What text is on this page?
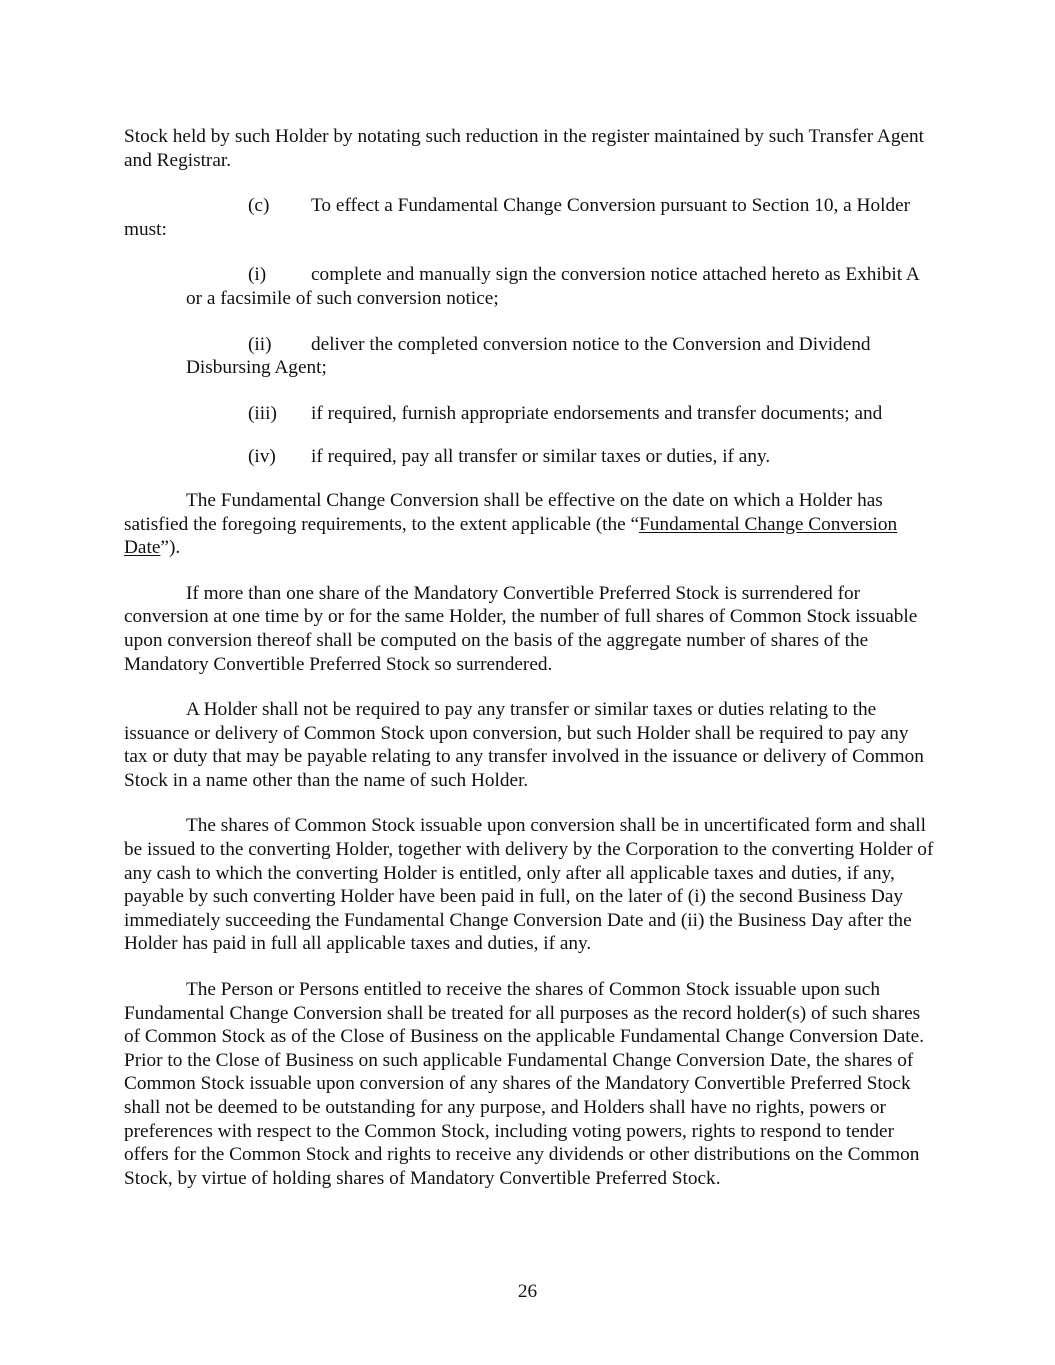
Stock held by such Holder by notating such reduction in the register maintained by such Transfer Agent and Registrar.

(c) To effect a Fundamental Change Conversion pursuant to Section 10, a Holder must:

(i) complete and manually sign the conversion notice attached hereto as Exhibit A or a facsimile of such conversion notice;

(ii) deliver the completed conversion notice to the Conversion and Dividend Disbursing Agent;

(iii) if required, furnish appropriate endorsements and transfer documents; and

(iv) if required, pay all transfer or similar taxes or duties, if any.

The Fundamental Change Conversion shall be effective on the date on which a Holder has satisfied the foregoing requirements, to the extent applicable (the “Fundamental Change Conversion Date”).

If more than one share of the Mandatory Convertible Preferred Stock is surrendered for conversion at one time by or for the same Holder, the number of full shares of Common Stock issuable upon conversion thereof shall be computed on the basis of the aggregate number of shares of the Mandatory Convertible Preferred Stock so surrendered.

A Holder shall not be required to pay any transfer or similar taxes or duties relating to the issuance or delivery of Common Stock upon conversion, but such Holder shall be required to pay any tax or duty that may be payable relating to any transfer involved in the issuance or delivery of Common Stock in a name other than the name of such Holder.

The shares of Common Stock issuable upon conversion shall be in uncertificated form and shall be issued to the converting Holder, together with delivery by the Corporation to the converting Holder of any cash to which the converting Holder is entitled, only after all applicable taxes and duties, if any, payable by such converting Holder have been paid in full, on the later of (i) the second Business Day immediately succeeding the Fundamental Change Conversion Date and (ii) the Business Day after the Holder has paid in full all applicable taxes and duties, if any.

The Person or Persons entitled to receive the shares of Common Stock issuable upon such Fundamental Change Conversion shall be treated for all purposes as the record holder(s) of such shares of Common Stock as of the Close of Business on the applicable Fundamental Change Conversion Date. Prior to the Close of Business on such applicable Fundamental Change Conversion Date, the shares of Common Stock issuable upon conversion of any shares of the Mandatory Convertible Preferred Stock shall not be deemed to be outstanding for any purpose, and Holders shall have no rights, powers or preferences with respect to the Common Stock, including voting powers, rights to respond to tender offers for the Common Stock and rights to receive any dividends or other distributions on the Common Stock, by virtue of holding shares of Mandatory Convertible Preferred Stock.

26
